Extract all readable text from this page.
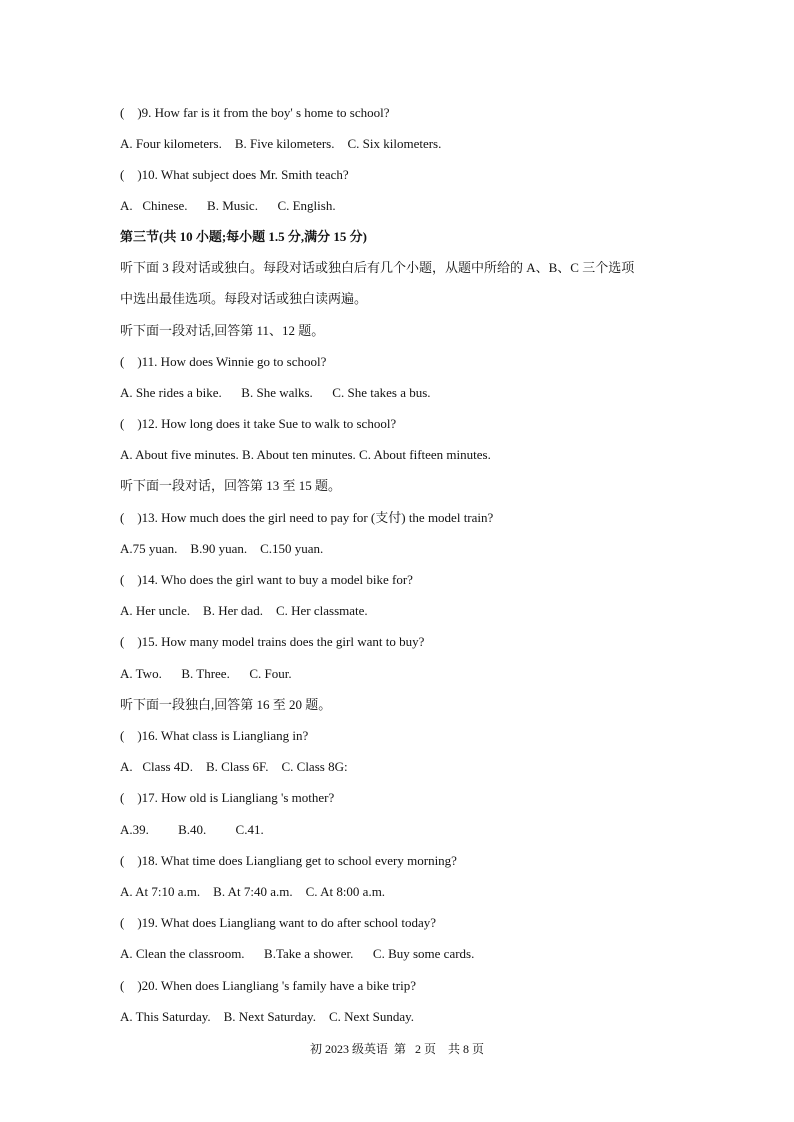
(    )9. How far is it from the boy' s home to school?
A. Four kilometers.    B. Five kilometers.    C. Six kilometers.
(    )10. What subject does Mr. Smith teach?
A.   Chinese.      B. Music.      C. English.
第三节(共 10 小题;每小题 1.5 分,满分 15 分)
听下面 3 段对话或独白。每段对话或独白后有几个小题，从题中所给的 A、B、C 三个选项
中选出最佳选项。每段对话或独白读两遍。
听下面一段对话,回答第 11、12 题。
(    )11. How does Winnie go to school?
A. She rides a bike.      B. She walks.      C. She takes a bus.
(    )12. How long does it take Sue to walk to school?
A. About five minutes. B. About ten minutes. C. About fifteen minutes.
听下面一段对话，回答第 13 至 15 题。
(    )13. How much does the girl need to pay for (支付) the model train?
A.75 yuan.    B.90 yuan.    C.150 yuan.
(    )14. Who does the girl want to buy a model bike for?
A. Her uncle.    B. Her dad.    C. Her classmate.
(    )15. How many model trains does the girl want to buy?
A. Two.      B. Three.      C. Four.
听下面一段独白,回答第 16 至 20 题。
(    )16. What class is Liangliang in?
A.   Class 4D.    B. Class 6F.    C. Class 8G:
(    )17. How old is Liangliang 's mother?
A.39.         B.40.         C.41.
(    )18. What time does Liangliang get to school every morning?
A. At 7:10 a.m.    B. At 7:40 a.m.    C. At 8:00 a.m.
(    )19. What does Liangliang want to do after school today?
A. Clean the classroom.      B.Take a shower.      C. Buy some cards.
(    )20. When does Liangliang 's family have a bike trip?
A. This Saturday.    B. Next Saturday.    C. Next Sunday.
初 2023 级英语  第   2 页    共 8 页
